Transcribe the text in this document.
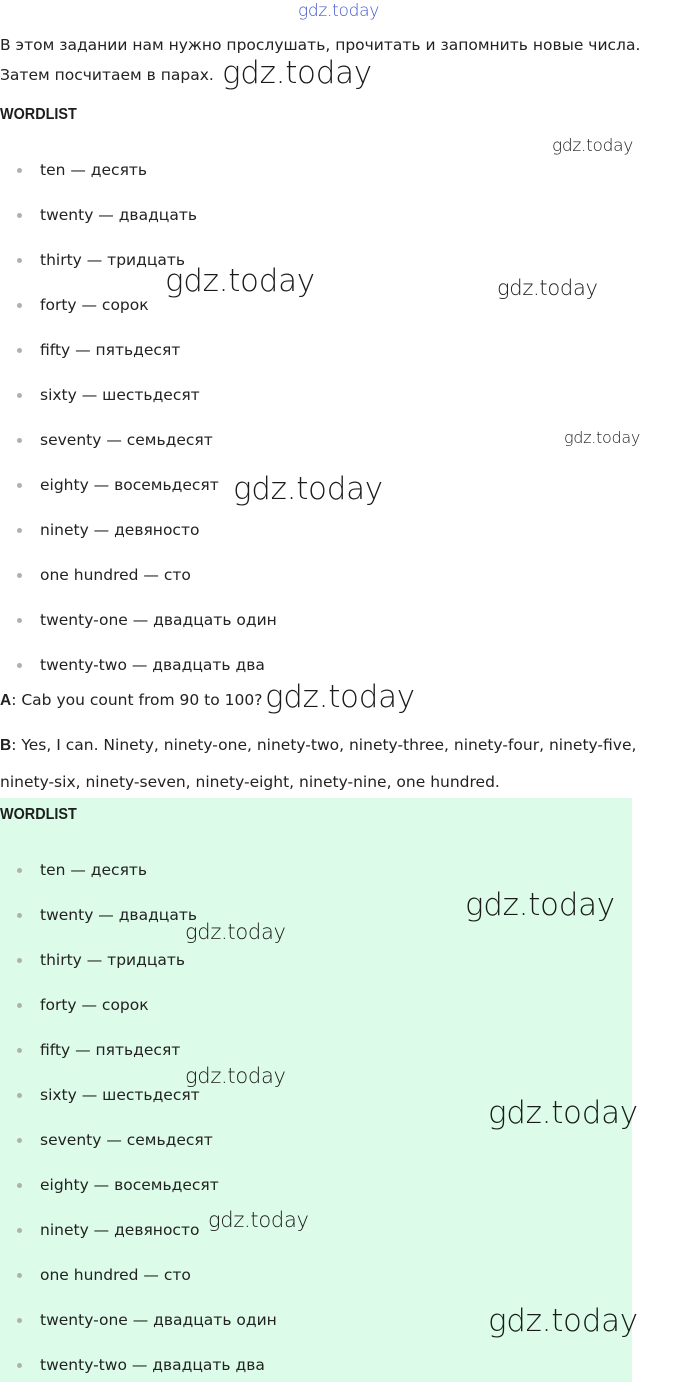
gdz.today
В этом задании нам нужно прослушать, прочитать и запомнить новые числа.
Затем посчитаем в парах.
WORDLIST
ten — десять
twenty — двадцать
thirty — тридцать
forty — сорок
fifty — пятьдесят
sixty — шестьдесят
seventy — семьдесят
eighty — восемьдесят
ninety — девяносто
one hundred — сто
twenty-one — двадцать один
twenty-two — двадцать два
A: Cab you count from 90 to 100?
B: Yes, I can. Ninety, ninety-one, ninety-two, ninety-three, ninety-four, ninety-five, ninety-six, ninety-seven, ninety-eight, ninety-nine, one hundred.
WORDLIST
ten — десять
twenty — двадцать
thirty — тридцать
forty — сорок
fifty — пятьдесят
sixty — шестьдесят
seventy — семьдесят
eighty — восемьдесят
ninety — девяносто
one hundred — сто
twenty-one — двадцать один
twenty-two — двадцать два
gdz.today
gdz.today
gdz.today	gdz.today
gdz.today
gdz.today
gdz.today
gdz.today
gdz.today
gdz.today
gdz.today
gdz.today
gdz.today
